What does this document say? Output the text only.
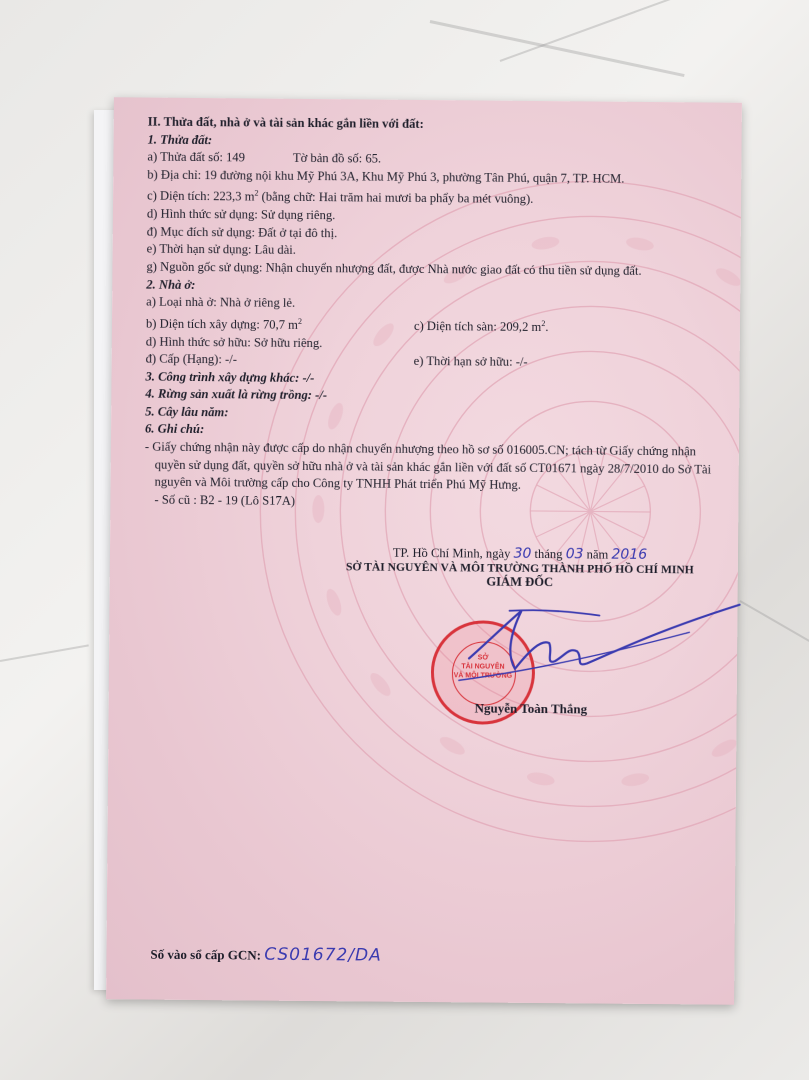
II. Thửa đất, nhà ở và tài sản khác gắn liền với đất:
1. Thửa đất:
a) Thửa đất số: 149	Tờ bản đồ số: 65.
b) Địa chỉ: 19 đường nội khu Mỹ Phú 3A, Khu Mỹ Phú 3, phường Tân Phú, quận 7, TP. HCM.
c) Diện tích: 223,3 $m^2$ (bằng chữ: Hai trăm hai mươi ba phẩy ba mét vuông).
d) Hình thức sử dụng: Sử dụng riêng.
đ) Mục đích sử dụng: Đất ở tại đô thị.
e) Thời hạn sử dụng: Lâu dài.
g) Nguồn gốc sử dụng: Nhận chuyển nhượng đất, được Nhà nước giao đất có thu tiền sử dụng đất.
2. Nhà ở:
a) Loại nhà ở: Nhà ở riêng lẻ.
b) Diện tích xây dựng: 70,7 $m^2$	c) Diện tích sàn: 209,2 $m^2$.
d) Hình thức sở hữu: Sở hữu riêng.
đ) Cấp (Hạng): -/-	e) Thời hạn sở hữu: -/-
3. Công trình xây dựng khác: -/-
4. Rừng sản xuất là rừng trồng: -/-
5. Cây lâu năm:
6. Ghi chú:
- Giấy chứng nhận này được cấp do nhận chuyển nhượng theo hồ sơ số 016005.CN; tách từ Giấy chứng nhận quyền sử dụng đất, quyền sở hữu nhà ở và tài sản khác gắn liền với đất số CT01671 ngày 28/7/2010 do Sở Tài nguyên và Môi trường cấp cho Công ty TNHH Phát triển Phú Mỹ Hưng.
- Số cũ : B2 - 19 (Lô S17A)
TP. Hồ Chí Minh, ngày 30 tháng 03 năm 2016
SỞ TÀI NGUYÊN VÀ MÔI TRƯỜNG THÀNH PHỐ HỒ CHÍ MINH
GIÁM ĐỐC
SỞ
TÀI NGUYÊN
VÀ MÔI TRƯỜNG
Nguyễn Toàn Thắng
Số vào sổ cấp GCN: CS01672/DA
